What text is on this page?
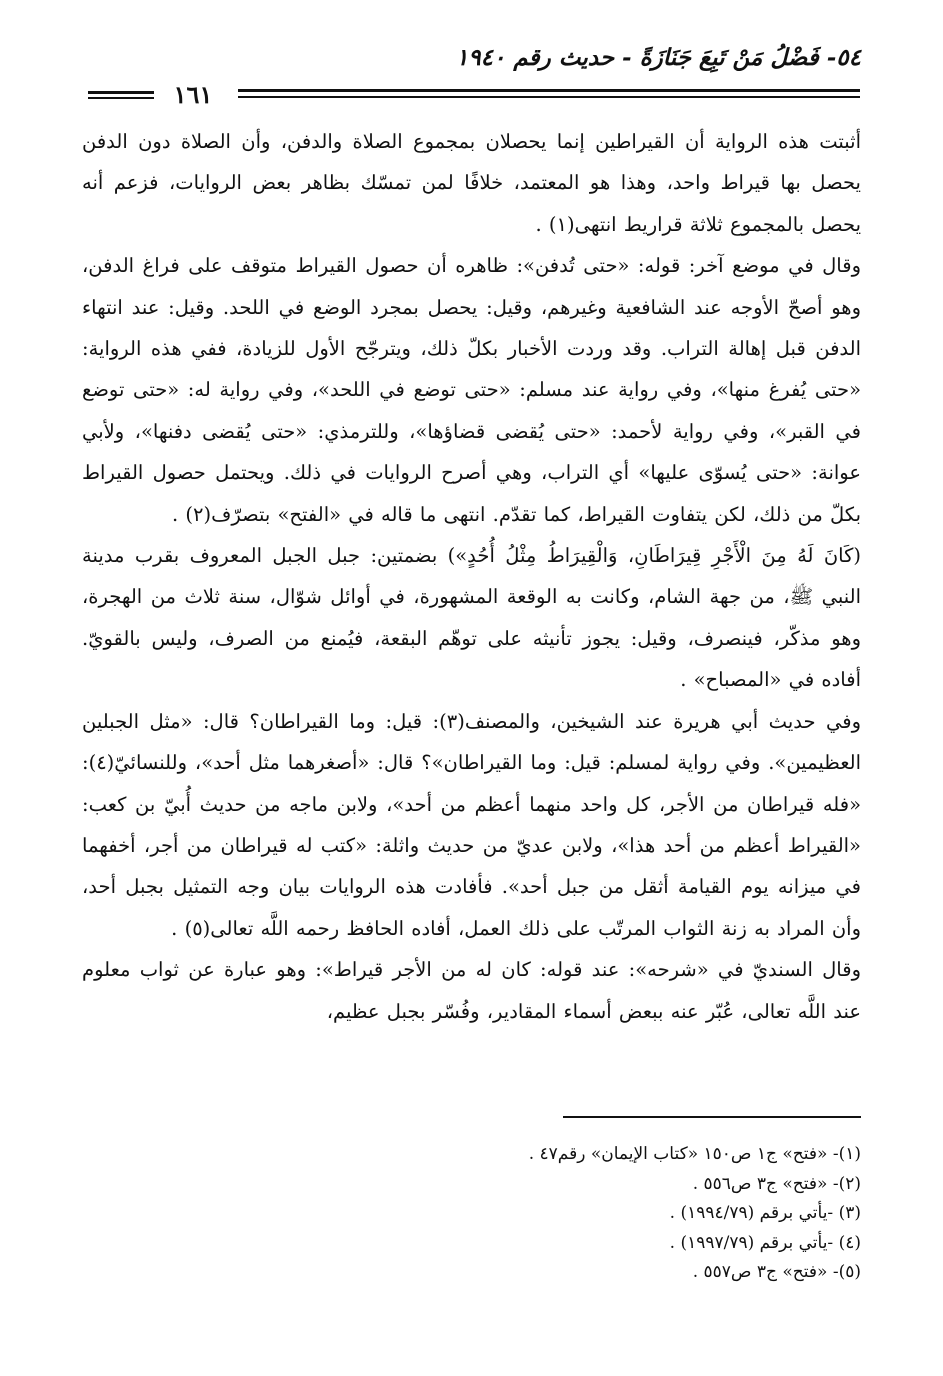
٥٤- فَضْلُ مَنْ تَبِعَ جَنَازَةً - حديث رقم ١٩٤٠
١٦١

أثبتت هذه الرواية أن القيراطين إنما يحصلان بمجموع الصلاة والدفن، وأن الصلاة دون الدفن يحصل بها قيراط واحد، وهذا هو المعتمد، خلافًا لمن تمسّك بظاهر بعض الروايات، فزعم أنه يحصل بالمجموع ثلاثة قراريط انتهى(١) .

وقال في موضع آخر: قوله: «حتى تُدفن»: ظاهره أن حصول القيراط متوقف على فراغ الدفن، وهو أصحّ الأوجه عند الشافعية وغيرهم، وقيل: يحصل بمجرد الوضع في اللحد. وقيل: عند انتهاء الدفن قبل إهالة التراب. وقد وردت الأخبار بكلّ ذلك، ويترجّح الأول للزيادة، ففي هذه الرواية: «حتى يُفرغ منها»، وفي رواية عند مسلم: «حتى توضع في اللحد»، وفي رواية له: «حتى توضع في القبر»، وفي رواية لأحمد: «حتى يُقضى قضاؤها»، وللترمذي: «حتى يُقضى دفنها»، ولأبي عوانة: «حتى يُسوّى عليها» أي التراب، وهي أصرح الروايات في ذلك. ويحتمل حصول القيراط بكلّ من ذلك، لكن يتفاوت القيراط، كما تقدّم. انتهى ما قاله في «الفتح» بتصرّف(٢) .

(كَانَ لَهُ مِنَ الْأَجْرِ قِيرَاطَانِ، وَالْقِيرَاطُ مِثْلُ أُحُدٍ») بضمتين: جبل الجبل المعروف بقرب مدينة النبي ﷺ، من جهة الشام، وكانت به الوقعة المشهورة، في أوائل شوّال، سنة ثلاث من الهجرة، وهو مذكّر، فينصرف، وقيل: يجوز تأنيثه على توهّم البقعة، فيُمنع من الصرف، وليس بالقويّ. أفاده في «المصباح» .

وفي حديث أبي هريرة عند الشيخين، والمصنف(٣): قيل: وما القيراطان؟ قال: «مثل الجبلين العظيمين». وفي رواية لمسلم: قيل: وما القيراطان»؟ قال: «أصغرهما مثل أحد»، وللنسائيّ(٤): «فله قيراطان من الأجر، كل واحد منهما أعظم من أحد»، ولابن ماجه من حديث أُبيّ بن كعب: «القيراط أعظم من أحد هذا»، ولابن عديّ من حديث واثلة: «كتب له قيراطان من أجر، أخفهما في ميزانه يوم القيامة أثقل من جبل أحد». فأفادت هذه الروايات بيان وجه التمثيل بجبل أحد، وأن المراد به زنة الثواب المرتّب على ذلك العمل، أفاده الحافظ رحمه اللَّه تعالى(٥) .

وقال السنديّ في «شرحه»: عند قوله: كان له من الأجر قيراط»: وهو عبارة عن ثواب معلوم عند اللَّه تعالى، عُبّر عنه ببعض أسماء المقادير، وفُسّر بجبل عظيم،

(١)- «فتح» ج١ ص١٥٠ «كتاب الإيمان» رقم٤٧ .

(٢)- «فتح» ج٣ ص٥٥٦ .

(٣) -يأتي برقم (١٩٩٤/٧٩) .

(٤) -يأتي برقم (١٩٩٧/٧٩) .

(٥)- «فتح» ج٣ ص٥٥٧ .
